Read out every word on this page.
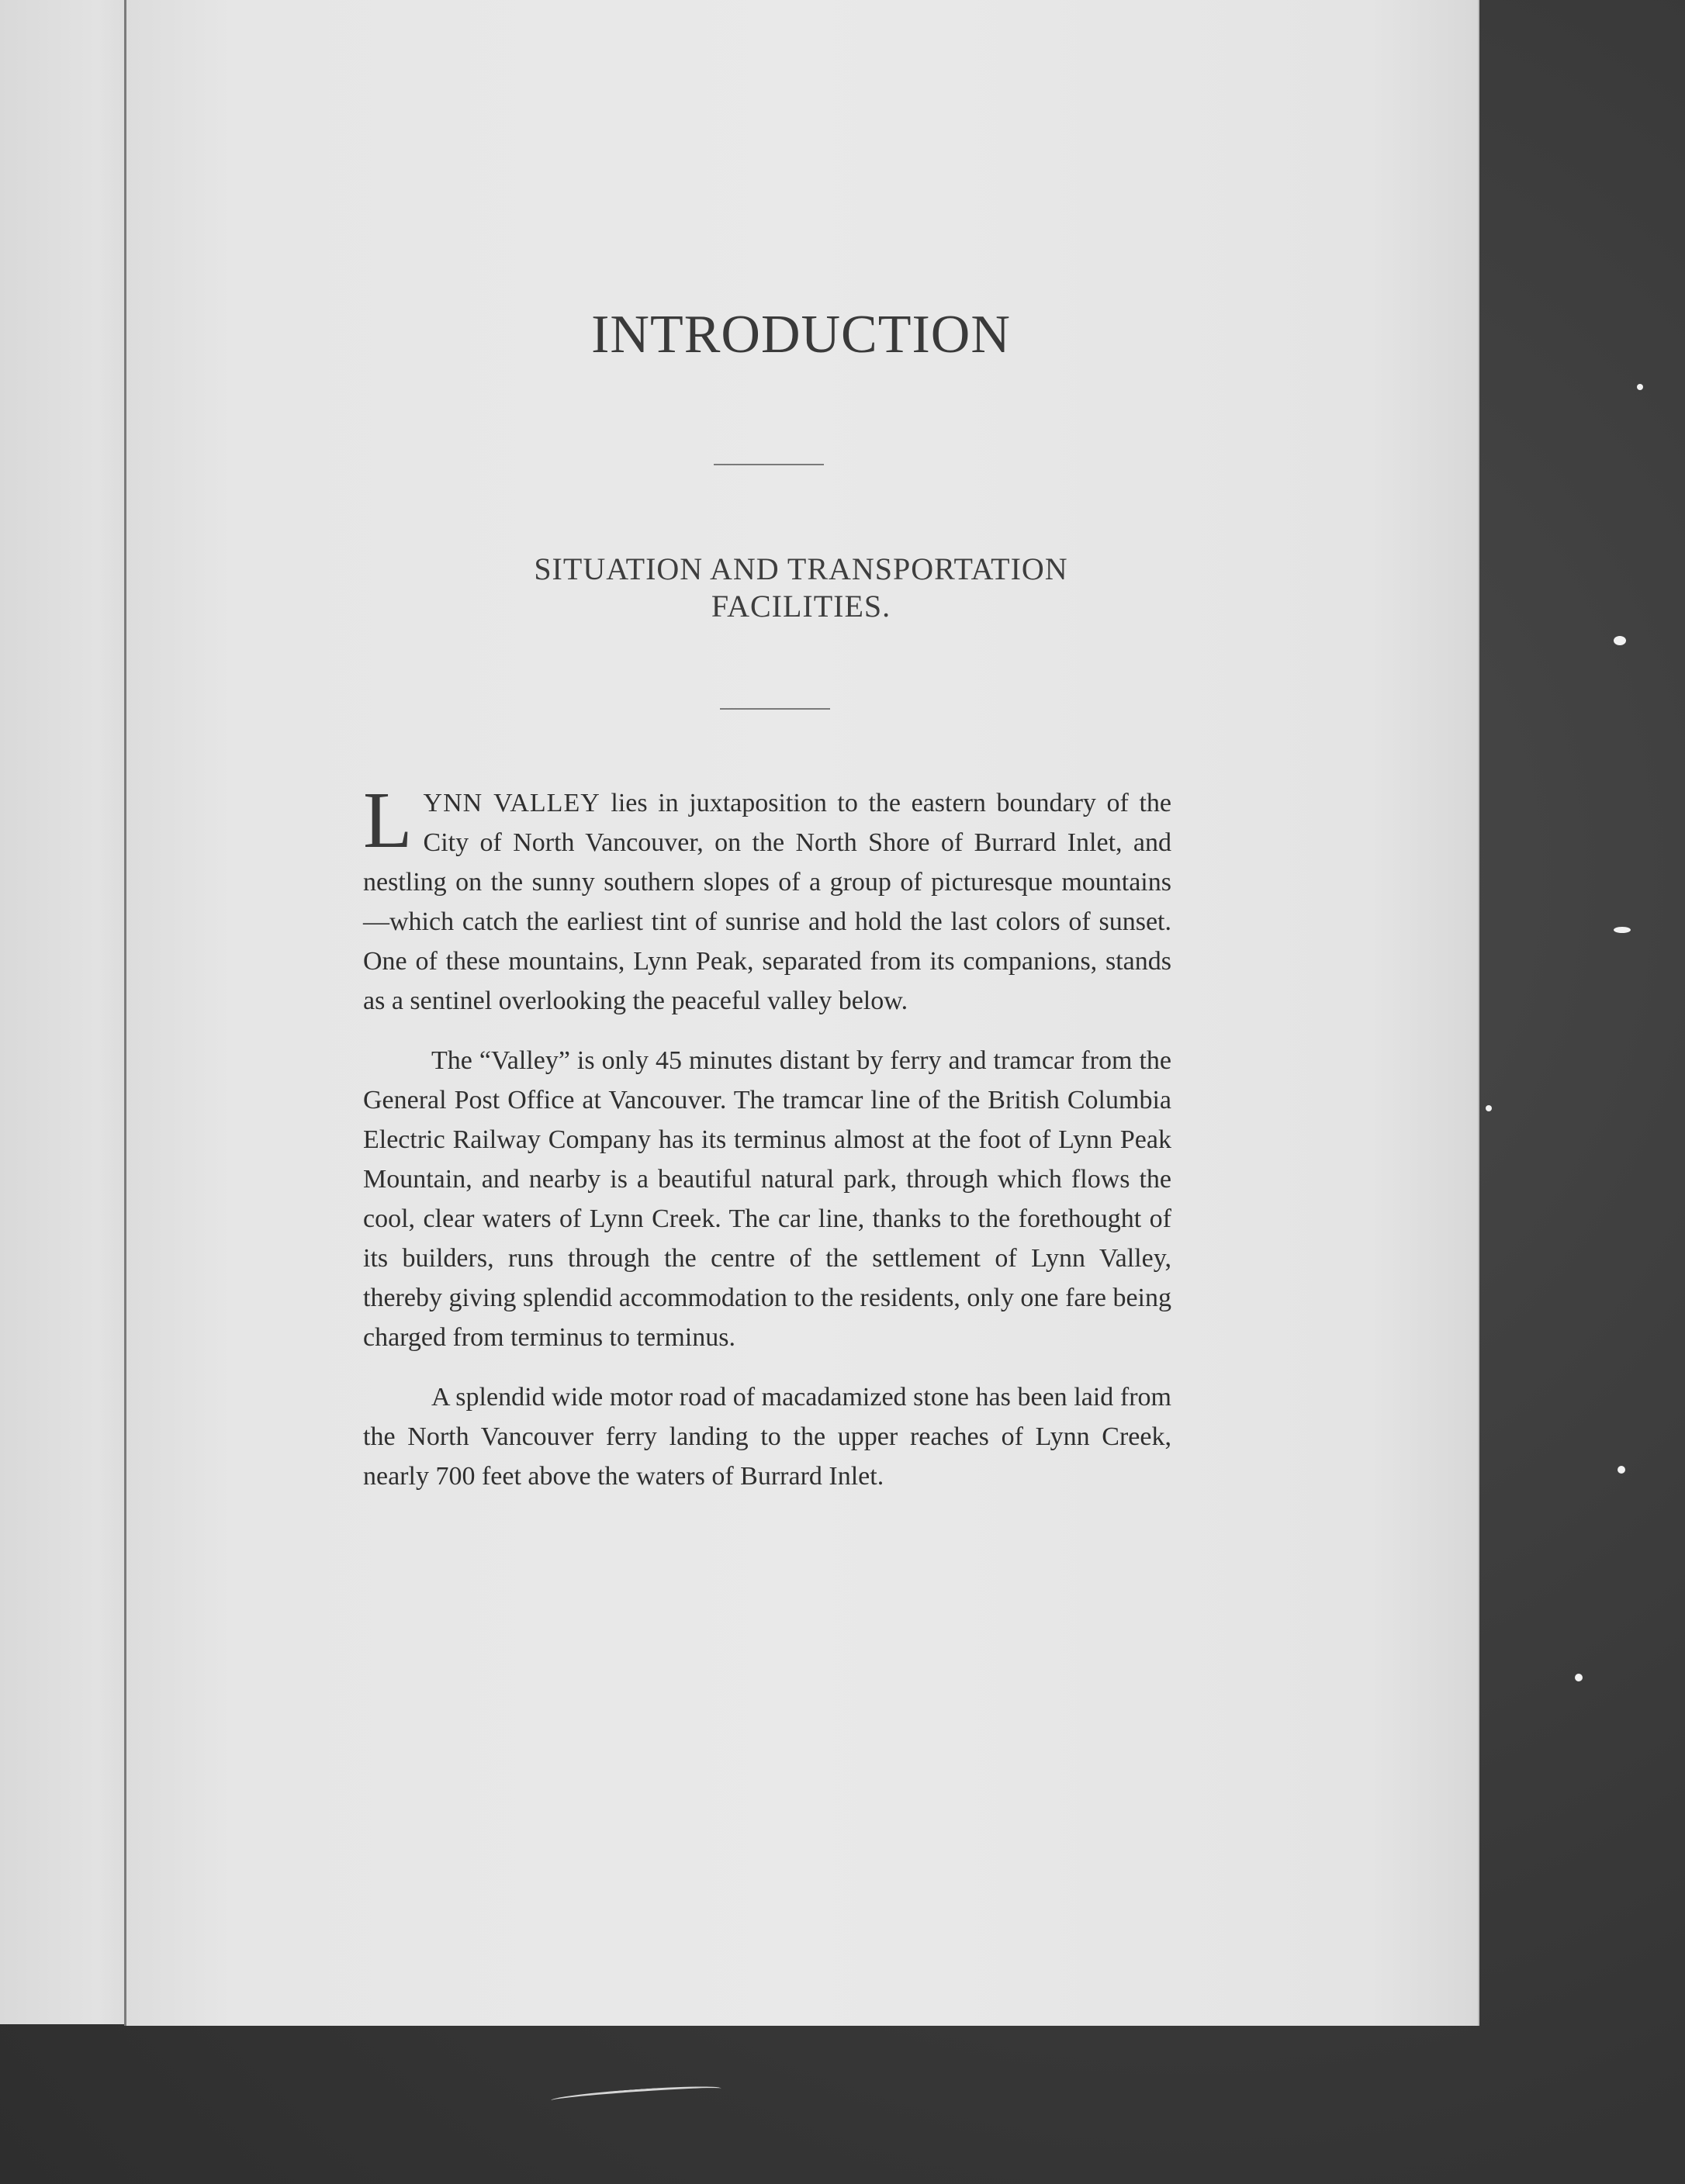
INTRODUCTION
SITUATION AND TRANSPORTATION
FACILITIES.

LYNN VALLEY lies in juxtaposition to the eastern boundary of the City of North Vancouver, on the North Shore of Burrard Inlet, and nestling on the sunny southern slopes of a group of picturesque mountains—which catch the earliest tint of sunrise and hold the last colors of sunset. One of these mountains, Lynn Peak, separated from its companions, stands as a sentinel overlooking the peaceful valley below.

The “Valley” is only 45 minutes distant by ferry and tramcar from the General Post Office at Vancouver. The tramcar line of the British Columbia Electric Railway Company has its terminus almost at the foot of Lynn Peak Mountain, and nearby is a beautiful natural park, through which flows the cool, clear waters of Lynn Creek. The car line, thanks to the forethought of its builders, runs through the centre of the settlement of Lynn Valley, thereby giving splendid accommodation to the residents, only one fare being charged from terminus to terminus.

A splendid wide motor road of macadamized stone has been laid from the North Vancouver ferry landing to the upper reaches of Lynn Creek, nearly 700 feet above the waters of Burrard Inlet.
